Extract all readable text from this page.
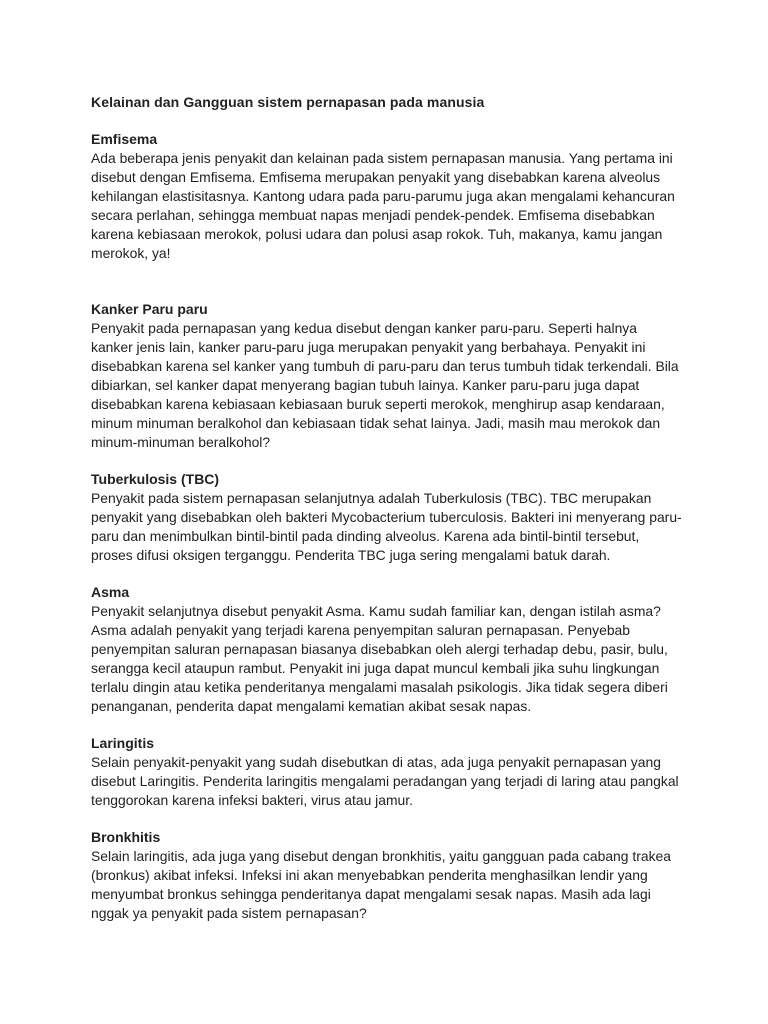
Kelainan dan Gangguan sistem pernapasan pada manusia
Emfisema
Ada beberapa jenis penyakit dan kelainan pada sistem pernapasan manusia. Yang pertama ini
disebut dengan Emfisema. Emfisema merupakan penyakit yang disebabkan karena alveolus
kehilangan elastisitasnya. Kantong udara pada paru-parumu juga akan mengalami kehancuran
secara perlahan, sehingga membuat napas menjadi pendek-pendek. Emfisema disebabkan
karena kebiasaan merokok, polusi udara dan polusi asap rokok. Tuh, makanya, kamu jangan
merokok, ya!
Kanker Paru paru
Penyakit pada pernapasan yang kedua disebut dengan kanker paru-paru. Seperti halnya
kanker jenis lain, kanker paru-paru juga merupakan penyakit yang berbahaya. Penyakit ini
disebabkan karena sel kanker yang tumbuh di paru-paru dan terus tumbuh tidak terkendali. Bila
dibiarkan, sel kanker dapat menyerang bagian tubuh lainya. Kanker paru-paru juga dapat
disebabkan karena kebiasaan kebiasaan buruk seperti merokok, menghirup asap kendaraan,
minum minuman beralkohol dan kebiasaan tidak sehat lainya. Jadi, masih mau merokok dan
minum-minuman beralkohol?
Tuberkulosis (TBC)
Penyakit pada sistem pernapasan selanjutnya adalah Tuberkulosis (TBC). TBC merupakan
penyakit yang disebabkan oleh bakteri Mycobacterium tuberculosis. Bakteri ini menyerang paru-
paru dan menimbulkan bintil-bintil pada dinding alveolus. Karena ada bintil-bintil tersebut,
proses difusi oksigen terganggu. Penderita TBC juga sering mengalami batuk darah.
Asma
Penyakit selanjutnya disebut penyakit Asma. Kamu sudah familiar kan, dengan istilah asma?
Asma adalah penyakit yang terjadi karena penyempitan saluran pernapasan. Penyebab
penyempitan saluran pernapasan biasanya disebabkan oleh alergi terhadap debu, pasir, bulu,
serangga kecil ataupun rambut. Penyakit ini juga dapat muncul kembali jika suhu lingkungan
terlalu dingin atau ketika penderitanya mengalami masalah psikologis. Jika tidak segera diberi
penanganan, penderita dapat mengalami kematian akibat sesak napas.
Laringitis
Selain penyakit-penyakit yang sudah disebutkan di atas, ada juga penyakit pernapasan yang
disebut Laringitis. Penderita laringitis mengalami peradangan yang terjadi di laring atau pangkal
tenggorokan karena infeksi bakteri, virus atau jamur.
Bronkhitis
Selain laringitis, ada juga yang disebut dengan bronkhitis, yaitu gangguan pada cabang trakea
(bronkus) akibat infeksi. Infeksi ini akan menyebabkan penderita menghasilkan lendir yang
menyumbat bronkus sehingga penderitanya dapat mengalami sesak napas. Masih ada lagi
nggak ya penyakit pada sistem pernapasan?
